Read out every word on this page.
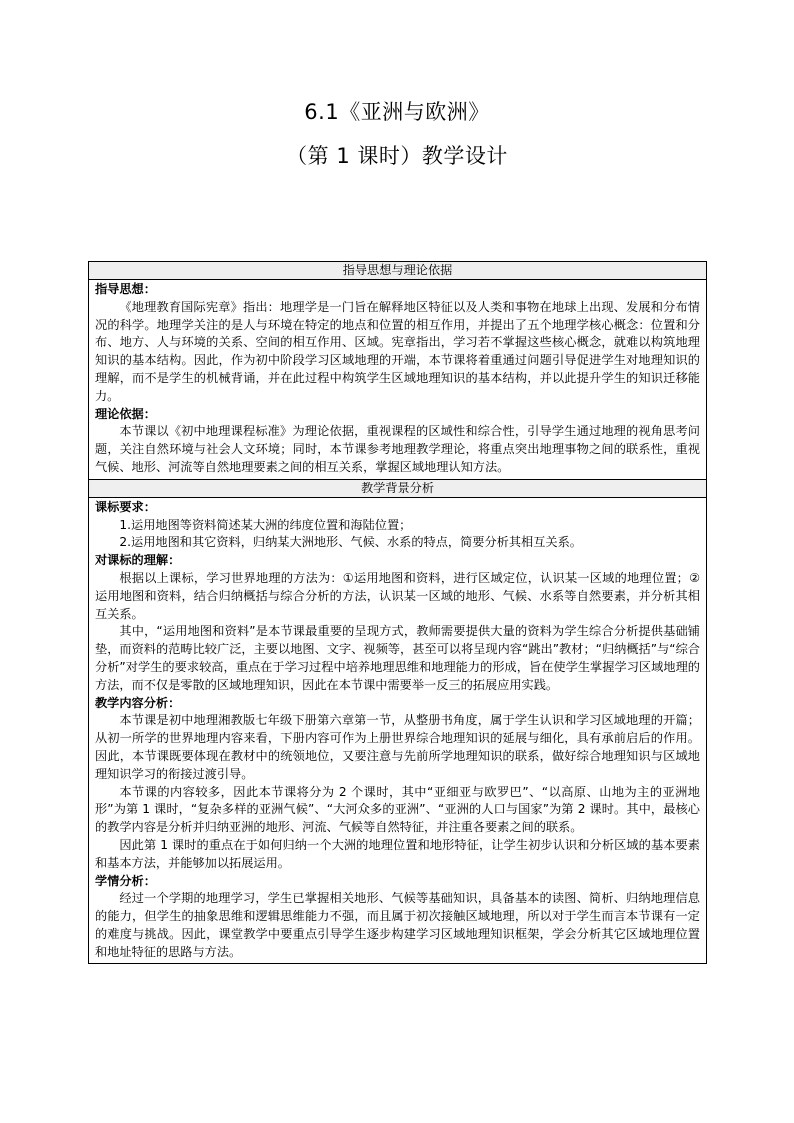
6.1《亚洲与欧洲》
（第 1 课时）教学设计
指导思想与理论依据

指导思想：

《地理教育国际宪章》指出：地理学是一门旨在解释地区特征以及人类和事物在地球上出现、发展和分布情况的科学。地理学关注的是人与环境在特定的地点和位置的相互作用，并提出了五个地理学核心概念：位置和分布、地方、人与环境的关系、空间的相互作用、区域。宪章指出，学习若不掌握这些核心概念，就难以构筑地理知识的基本结构。因此，作为初中阶段学习区域地理的开端，本节课将着重通过问题引导促进学生对地理知识的理解，而不是学生的机械背诵，并在此过程中构筑学生区域地理知识的基本结构，并以此提升学生的知识迁移能力。

理论依据：

本节课以《初中地理课程标准》为理论依据，重视课程的区域性和综合性，引导学生通过地理的视角思考问题，关注自然环境与社会人文环境；同时，本节课参考地理教学理论，将重点突出地理事物之间的联系性，重视气候、地形、河流等自然地理要素之间的相互关系，掌握区域地理认知方法。

教学背景分析

课标要求：

1.运用地图等资料简述某大洲的纬度位置和海陆位置；

2.运用地图和其它资料，归纳某大洲地形、气候、水系的特点，简要分析其相互关系。

对课标的理解：

根据以上课标，学习世界地理的方法为：①运用地图和资料，进行区域定位，认识某一区域的地理位置；②运用地图和资料，结合归纳概括与综合分析的方法，认识某一区域的地形、气候、水系等自然要素，并分析其相互关系。

其中，“运用地图和资料”是本节课最重要的呈现方式，教师需要提供大量的资料为学生综合分析提供基础铺垫，而资料的范畴比较广泛，主要以地图、文字、视频等，甚至可以将呈现内容“跳出”教材；“归纳概括”与“综合分析”对学生的要求较高，重点在于学习过程中培养地理思维和地理能力的形成，旨在使学生掌握学习区域地理的方法，而不仅是零散的区域地理知识，因此在本节课中需要举一反三的拓展应用实践。

教学内容分析：

本节课是初中地理湘教版七年级下册第六章第一节，从整册书角度，属于学生认识和学习区域地理的开篇；从初一所学的世界地理内容来看，下册内容可作为上册世界综合地理知识的延展与细化，具有承前启后的作用。因此，本节课既要体现在教材中的统领地位，又要注意与先前所学地理知识的联系，做好综合地理知识与区域地理知识学习的衔接过渡引导。

本节课的内容较多，因此本节课将分为 2 个课时，其中“亚细亚与欧罗巴”、“以高原、山地为主的亚洲地形”为第 1 课时，“复杂多样的亚洲气候”、“大河众多的亚洲”、“亚洲的人口与国家”为第 2 课时。其中，最核心的教学内容是分析并归纳亚洲的地形、河流、气候等自然特征，并注重各要素之间的联系。

因此第 1 课时的重点在于如何归纳一个大洲的地理位置和地形特征，让学生初步认识和分析区域的基本要素和基本方法，并能够加以拓展运用。

学情分析：

经过一个学期的地理学习，学生已掌握相关地形、气候等基础知识，具备基本的读图、简析、归纳地理信息的能力，但学生的抽象思维和逻辑思维能力不强，而且属于初次接触区域地理，所以对于学生而言本节课有一定的难度与挑战。因此，课堂教学中要重点引导学生逐步构建学习区域地理知识框架，学会分析其它区域地理位置和地址特征的思路与方法。
